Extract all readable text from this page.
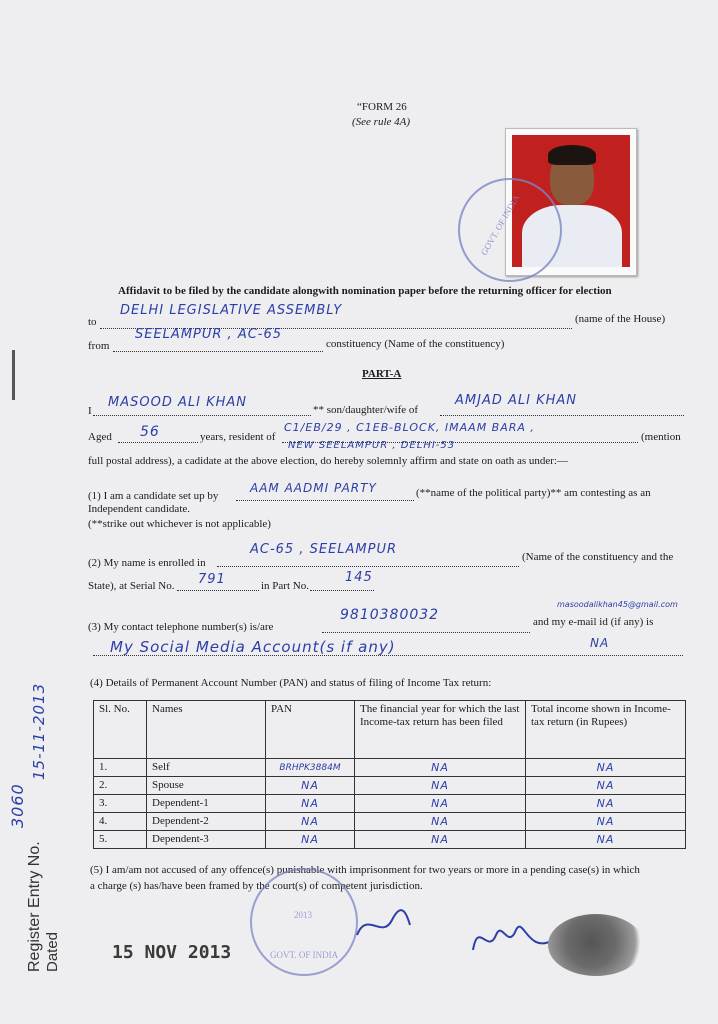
“FORM 26
(See rule 4A)
GOVT. OF INDIA
Affidavit to be filed by the candidate alongwith nomination paper before the returning officer for election
to
DELHI LEGISLATIVE ASSEMBLY
(name of the House)
from
SEELAMPUR , AC-65
constituency (Name of the constituency)
PART-A
I
MASOOD ALI KHAN	** son/daughter/wife of
AMJAD ALI KHAN
Aged 56	years, resident of
C1/EB/29 , C1EB-BLOCK, IMAAM BARA ,
NEW SEELAMPUR , DELHI-53
(mention
full postal address), a cadidate at the above election, do hereby solemnly affirm and state on oath as under:—
(1) I am a candidate set up by
AAM AADMI PARTY	(**name of the political party)** am contesting as an
Independent candidate.
(**strike out whichever is not applicable)
(2) My name is enrolled in
AC-65 , SEELAMPUR	(Name of the constituency and the
State), at Serial No. 791	in Part No.
145
(3) My contact telephone number(s) is/are
9810380032	and my e-mail id (if any) is
masoodalikhan45@gmail.com
My Social Media Account(s if any)	NA
(4) Details of Permanent Account Number (PAN) and status of filing of Income Tax return:
Sl. No.	Names	PAN	The financial year for which the last Income-tax return has been filed	Total income shown in Income-tax return (in Rupees)
1.	Self	BRHPK3884M	NA	NA
2.	Spouse	NA	NA	NA
3.	Dependent-1	NA	NA	NA
4.	Dependent-2	NA	NA	NA
5.	Dependent-3	NA	NA	NA
(5) I am/am not accused of any offence(s) punishable with imprisonment for two years or more in a pending case(s) in which
a charge (s) has/have been framed by the court(s) of competent jurisdiction.
GOVT. OF INDIA
2013
15 NOV 2013
Register Entry No.
3060
Dated
15-11-2013
